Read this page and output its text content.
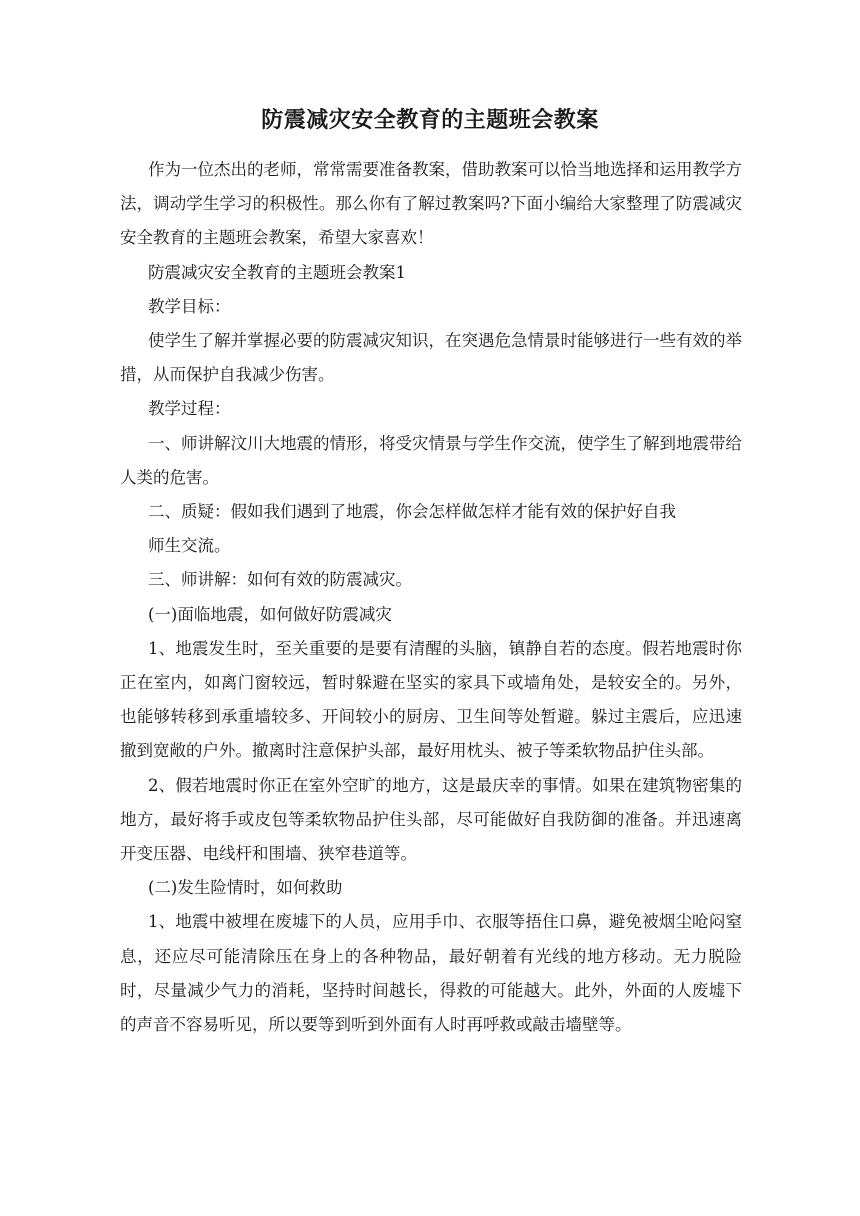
防震减灾安全教育的主题班会教案

作为一位杰出的老师，常常需要准备教案，借助教案可以恰当地选择和运用教学方法，调动学生学习的积极性。那么你有了解过教案吗?下面小编给大家整理了防震减灾安全教育的主题班会教案，希望大家喜欢！

防震减灾安全教育的主题班会教案1

教学目标：

使学生了解并掌握必要的防震减灾知识，在突遇危急情景时能够进行一些有效的举措，从而保护自我减少伤害。

教学过程：

一、师讲解汶川大地震的情形，将受灾情景与学生作交流，使学生了解到地震带给人类的危害。

二、质疑：假如我们遇到了地震，你会怎样做怎样才能有效的保护好自我

师生交流。

三、师讲解：如何有效的防震减灾。

(一)面临地震，如何做好防震减灾

1、地震发生时，至关重要的是要有清醒的头脑，镇静自若的态度。假若地震时你正在室内，如离门窗较远，暂时躲避在坚实的家具下或墙角处，是较安全的。另外，也能够转移到承重墙较多、开间较小的厨房、卫生间等处暂避。躲过主震后，应迅速撤到宽敞的户外。撤离时注意保护头部，最好用枕头、被子等柔软物品护住头部。

2、假若地震时你正在室外空旷的地方，这是最庆幸的事情。如果在建筑物密集的地方，最好将手或皮包等柔软物品护住头部，尽可能做好自我防御的准备。并迅速离开变压器、电线杆和围墙、狭窄巷道等。

(二)发生险情时，如何救助

1、地震中被埋在废墟下的人员，应用手巾、衣服等捂住口鼻，避免被烟尘呛闷窒息，还应尽可能清除压在身上的各种物品，最好朝着有光线的地方移动。无力脱险时，尽量减少气力的消耗，坚持时间越长，得救的可能越大。此外，外面的人废墟下的声音不容易听见，所以要等到听到外面有人时再呼救或敲击墙壁等。
